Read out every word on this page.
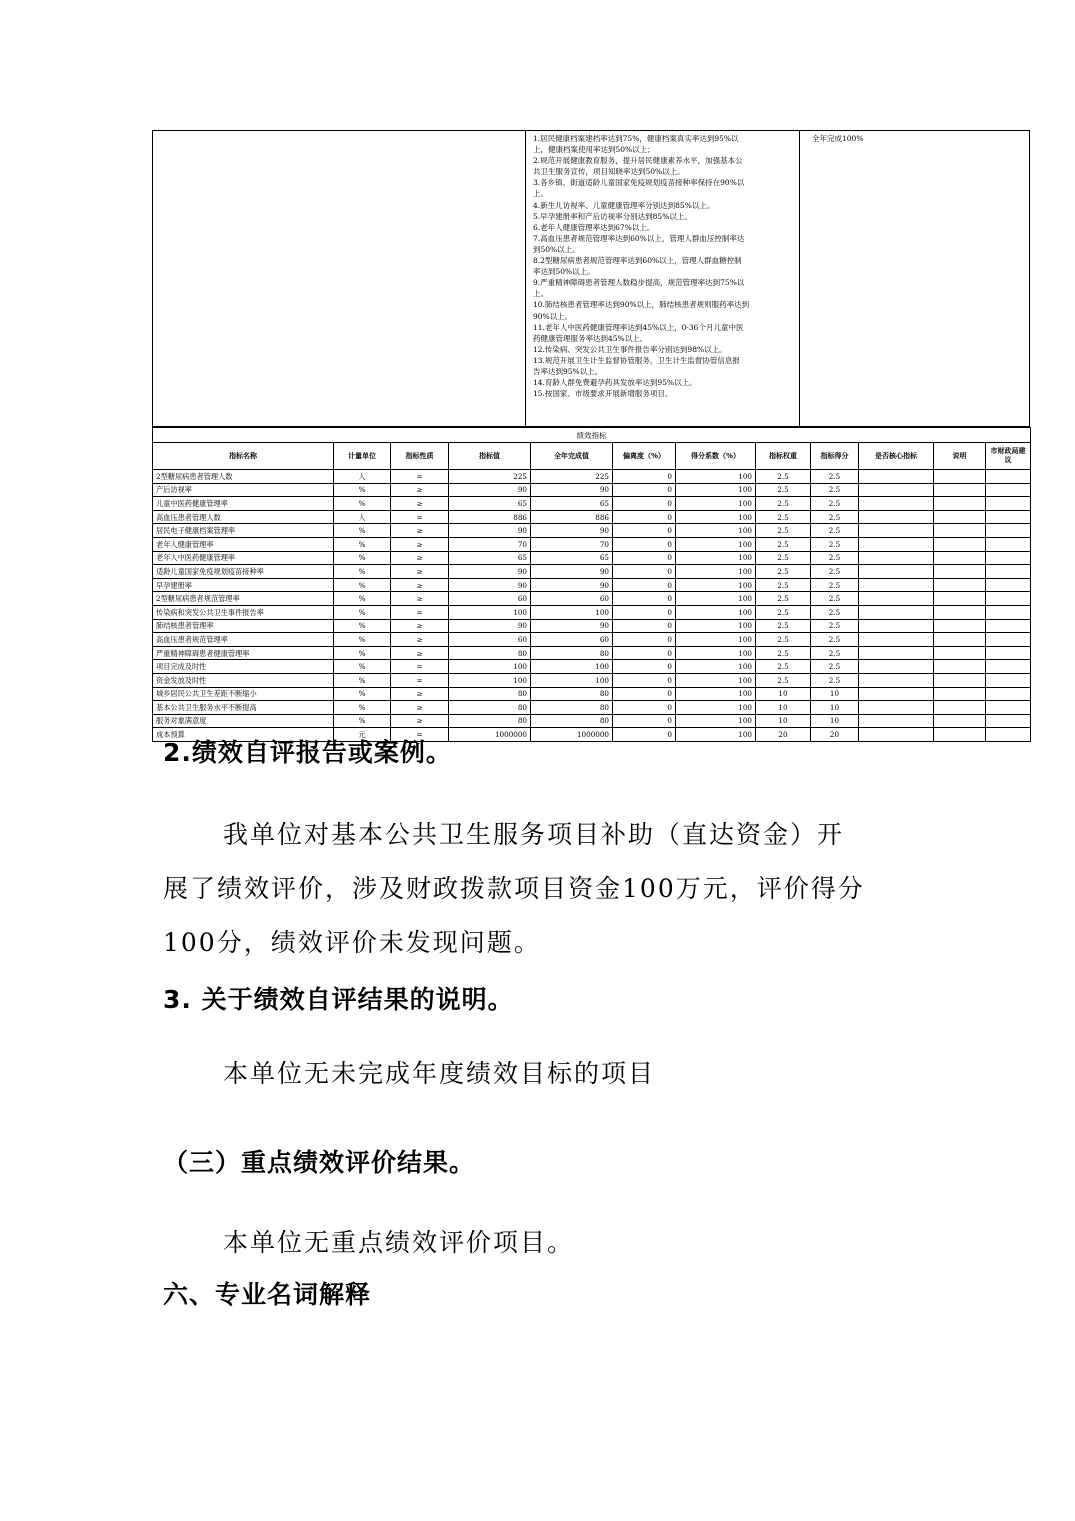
1.居民健康档案建档率达到75%，健康档案真实率达到95%以
上，健康档案使用率达到50%以上；
2.规范开展健康教育服务，提升居民健康素养水平，加强基本公
共卫生服务宣传，项目知晓率达到50%以上。
3.各乡镇、街道适龄儿童国家免疫规划疫苗接种率保持在90%以
上。
4.新生儿访视率、儿童健康管理率分别达到85%以上。
5.早孕建册率和产后访视率分别达到85%以上。
6.老年人健康管理率达到67%以上。
7.高血压患者规范管理率达到60%以上，管理人群血压控制率达
到50%以上。
8.2型糖尿病患者规范管理率达到60%以上，管理人群血糖控制
率达到50%以上。
9.严重精神障碍患者管理人数稳步提高，规范管理率达到75%以
上。
10.肺结核患者管理率达到90%以上，肺结核患者规则服药率达到
90%以上。
11.老年人中医药健康管理率达到45%以上，0-36个月儿童中医
药健康管理服务率达到45%以上。
12.传染病、突发公共卫生事件报告率分别达到98%以上。
13.规范开展卫生计生监督协管服务，卫生计生监督协管信息报
告率达到95%以上。
14.育龄人群免费避孕药具发放率达到95%以上。
15.按国家、市级要求开展新增服务项目。
全年完成100%
绩效指标											
指标名称	计量单位	指标性质	指标值	全年完成值	偏离度（%）	得分系数（%）	指标权重	指标得分	是否核心指标	说明	市财政局建议
2型糖尿病患者管理人数	人	=	225	225	0	100	2.5	2.5			
产后访视率	%	≥	90	90	0	100	2.5	2.5			
儿童中医药健康管理率	%	≥	65	65	0	100	2.5	2.5			
高血压患者管理人数	人	=	886	886	0	100	2.5	2.5			
居民电子健康档案管理率	%	≥	90	90	0	100	2.5	2.5			
老年人健康管理率	%	≥	70	70	0	100	2.5	2.5			
老年人中医药健康管理率	%	≥	65	65	0	100	2.5	2.5			
适龄儿童国家免疫规划疫苗接种率	%	≥	90	90	0	100	2.5	2.5			
早孕建册率	%	≥	90	90	0	100	2.5	2.5			
2型糖尿病患者规范管理率	%	≥	60	60	0	100	2.5	2.5			
传染病和突发公共卫生事件报告率	%	=	100	100	0	100	2.5	2.5			
肺结核患者管理率	%	≥	90	90	0	100	2.5	2.5			
高血压患者规范管理率	%	≥	60	60	0	100	2.5	2.5			
严重精神障碍患者健康管理率	%	≥	80	80	0	100	2.5	2.5			
项目完成及时性	%	=	100	100	0	100	2.5	2.5			
资金发放及时性	%	=	100	100	0	100	2.5	2.5			
城乡居民公共卫生差距不断缩小	%	≥	80	80	0	100	10	10			
基本公共卫生服务水平不断提高	%	≥	80	80	0	100	10	10			
服务对象满意度	%	≥	80	80	0	100	10	10			
成本预算	元	=	1000000	1000000	0	100	20	20			
2.绩效自评报告或案例。
我单位对基本公共卫生服务项目补助（直达资金）开
展了绩效评价，涉及财政拨款项目资金100万元，评价得分
100分，绩效评价未发现问题。
3. 关于绩效自评结果的说明。
本单位无未完成年度绩效目标的项目
（三）重点绩效评价结果。
本单位无重点绩效评价项目。
六、专业名词解释
